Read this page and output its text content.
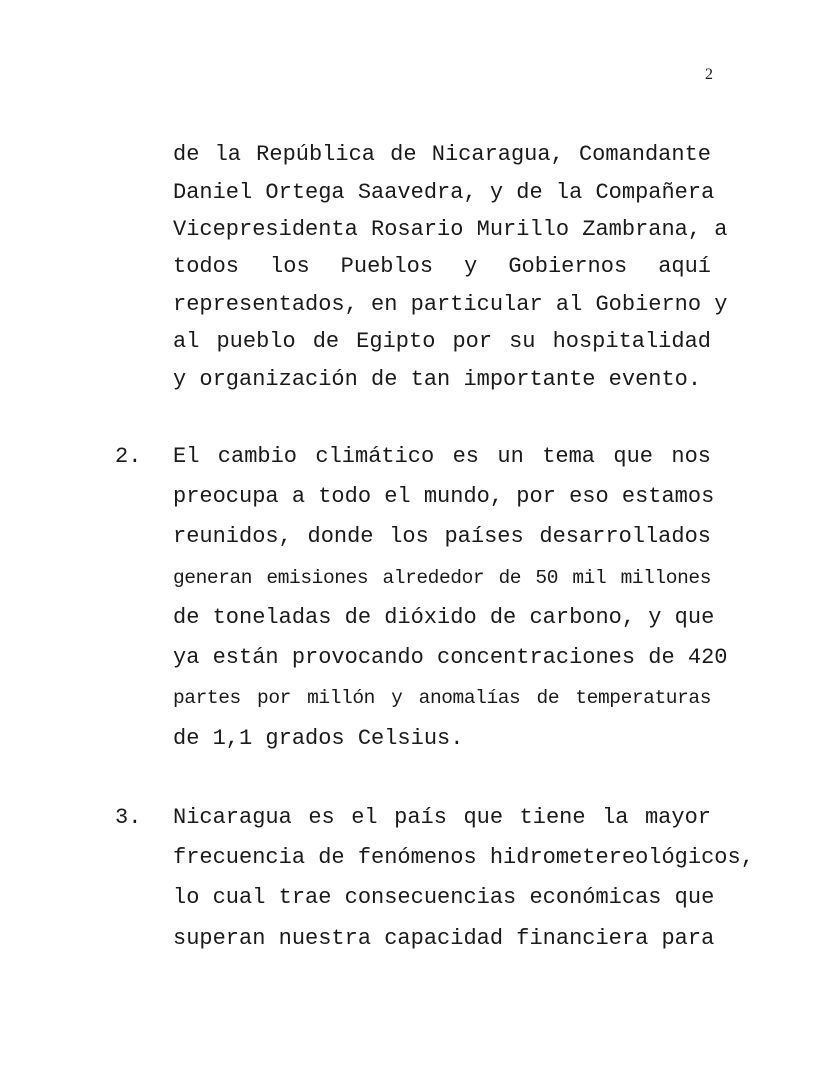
2
de la República de Nicaragua, Comandante
Daniel Ortega Saavedra, y de la Compañera
Vicepresidenta Rosario Murillo Zambrana, a
todos los Pueblos y Gobiernos aquí
representados, en particular al Gobierno y
al pueblo de Egipto por su hospitalidad
y organización de tan importante evento.
2. El cambio climático es un tema que nos
preocupa a todo el mundo, por eso estamos
reunidos, donde los países desarrollados
generan emisiones alrededor de 50 mil millones
de toneladas de dióxido de carbono, y que
ya están provocando concentraciones de 420
partes por millón y anomalías de temperaturas
de 1,1 grados Celsius.
3. Nicaragua es el país que tiene la mayor
frecuencia de fenómenos hidrometereológicos,
lo cual trae consecuencias económicas que
superan nuestra capacidad financiera para
